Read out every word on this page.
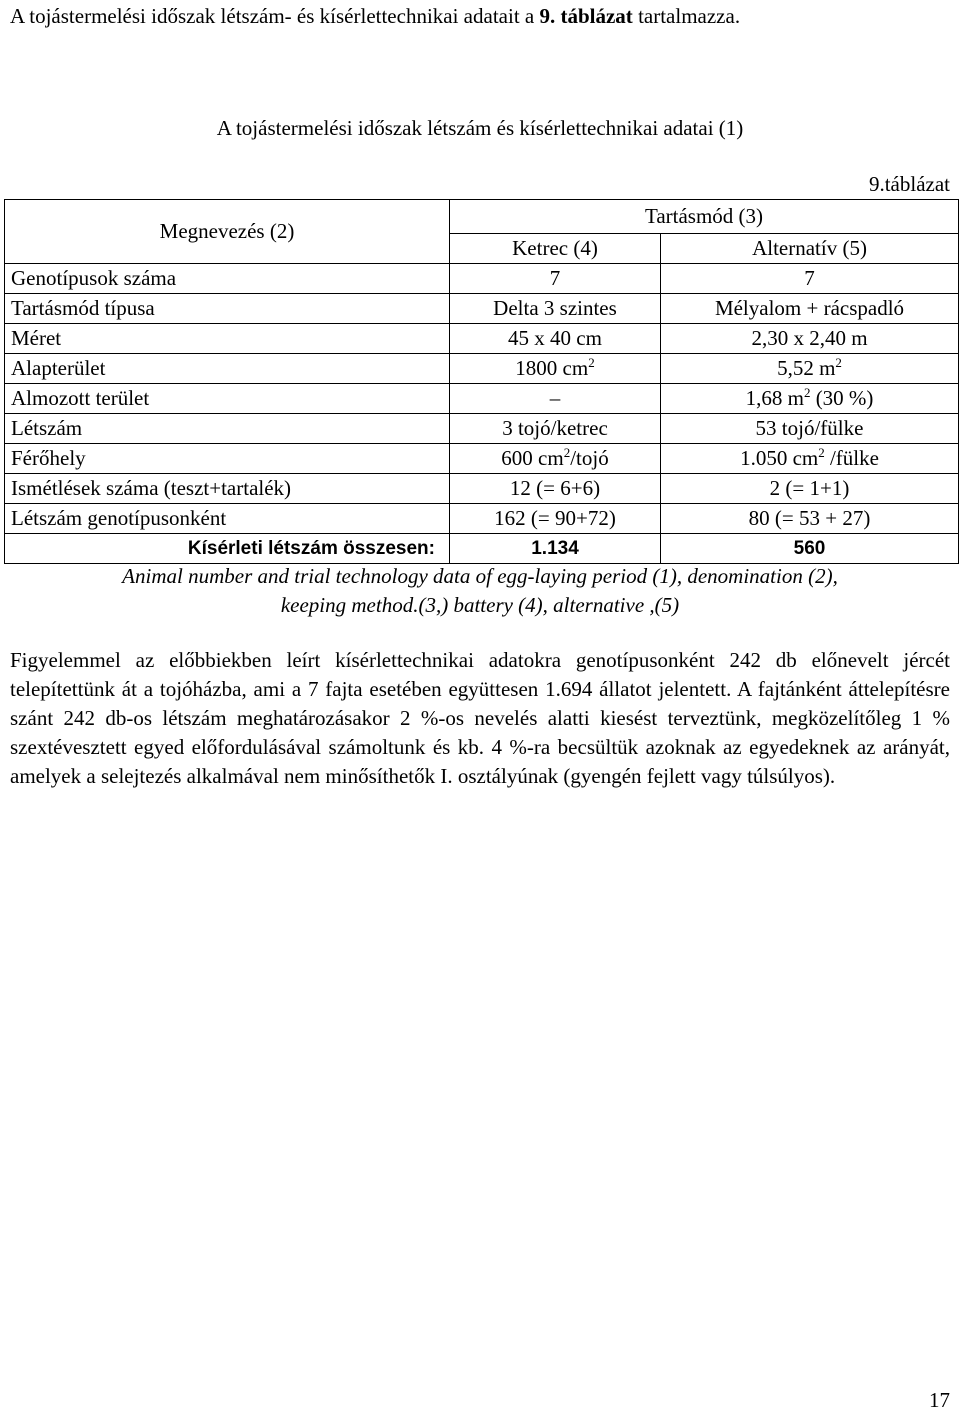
A tojástermelési időszak létszám- és kísérlettechnikai adatait a 9. táblázat tartalmazza.
A tojástermelési időszak létszám és kísérlettechnikai adatai (1)
9.táblázat
Megnevezés (2)	Tartásmód (3)	
	Ketrec (4)	Alternatív (5)
Genotípusok száma	7	7
Tartásmód típusa	Delta 3 szintes	Mélyalom + rácspadló
Méret	45 x 40 cm	2,30 x 2,40 m
Alapterület	1800 $cm^2$	5,52 $m^2$
Almozott terület	–	1,68 $m^2$ (30 %)
Létszám	3 tojó/ketrec	53 tojó/fülke
Férőhely	600 $cm^2$/tojó	1.050 $cm^2$ /fülke
Ismétlések száma (teszt+tartalék)	12 (= 6+6)	2 (= 1+1)
Létszám genotípusonként	162 (= 90+72)	80 (= 53 + 27)
Kísérleti létszám összesen:	1.134	560
Animal number and trial technology data of egg-laying period (1), denomination (2),
keeping method.(3,) battery (4), alternative ,(5)
Figyelemmel az előbbiekben leírt kísérlettechnikai adatokra genotípusonként 242 db előnevelt jércét telepítettünk át a tojóházba, ami a 7 fajta esetében együttesen 1.694 állatot jelentett. A fajtánként áttelepítésre szánt 242 db-os létszám meghatározásakor 2 %-os nevelés alatti kiesést terveztünk, megközelítőleg 1 % szextévesztett egyed előfordulásával számoltunk és kb. 4 %-ra becsültük azoknak az egyedeknek az arányát, amelyek a selejtezés alkalmával nem minősíthetők I. osztályúnak (gyengén fejlett vagy túlsúlyos).
17
